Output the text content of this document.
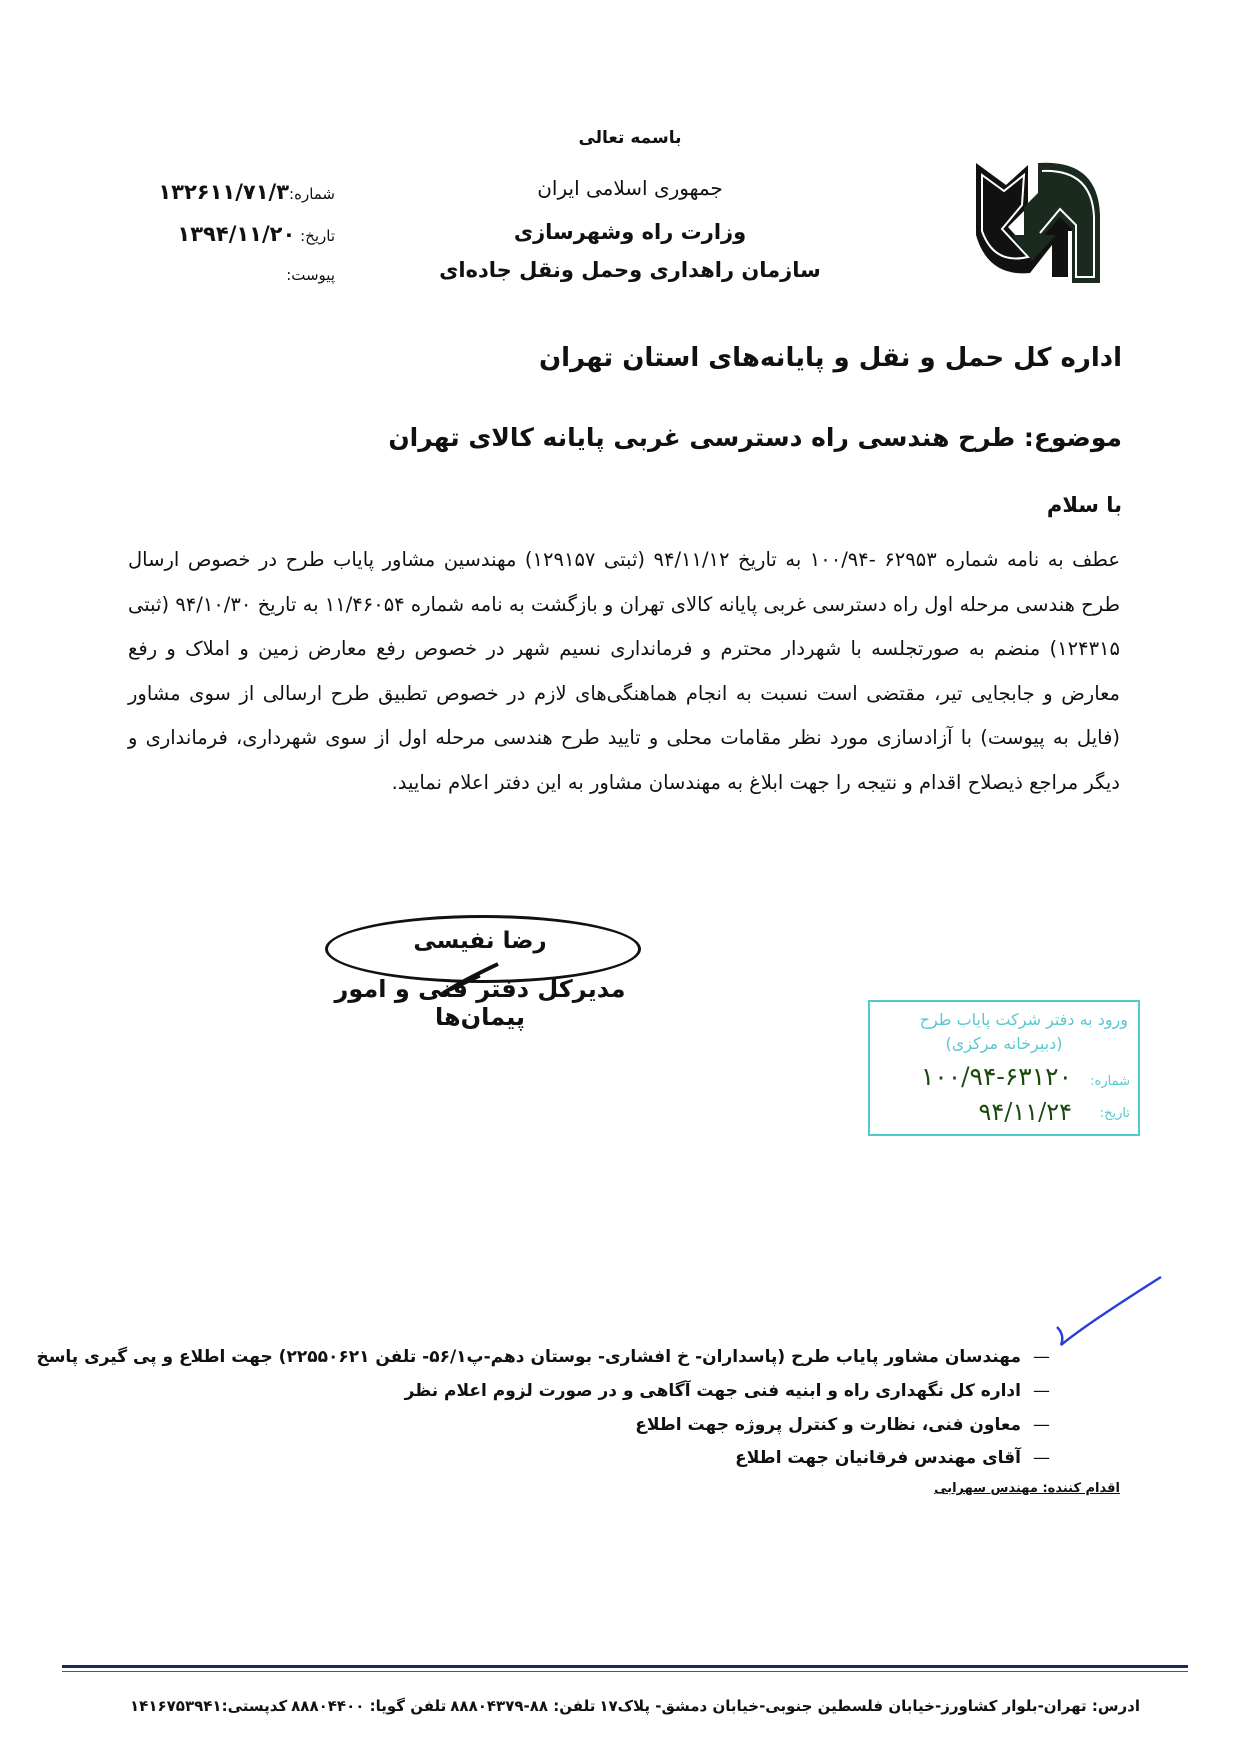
باسمه تعالی
جمهوری اسلامی ایران
وزارت راه وشهرسازی
سازمان راهداری وحمل ونقل جاده‌ای
شماره:۱۳۲۶۱۱/۷۱/۳
تاریخ: ۱۳۹۴/۱۱/۲۰
پیوست:
اداره کل حمل و نقل و پایانه‌های استان تهران
موضوع: طرح هندسی راه دسترسی غربی پایانه کالای تهران
با سلام
عطف به نامه شماره ۶۲۹۵۳ -۱۰۰/۹۴ به تاریخ ۹۴/۱۱/۱۲ (ثبتی ۱۲۹۱۵۷) مهندسین مشاور پایاب طرح در خصوص ارسال طرح هندسی مرحله اول راه دسترسی غربی پایانه کالای تهران و بازگشت به نامه شماره ۱۱/۴۶۰۵۴ به تاریخ ۹۴/۱۰/۳۰ (ثبتی ۱۲۴۳۱۵) منضم به صورتجلسه با شهردار محترم و فرمانداری نسیم شهر در خصوص رفع معارض زمین و املاک و رفع معارض و جابجایی تیر، مقتضی است نسبت به انجام هماهنگی‌های لازم در خصوص تطبیق طرح ارسالی از سوی مشاور (فایل به پیوست) با آزادسازی مورد نظر مقامات محلی و تایید طرح هندسی مرحله اول از سوی شهرداری، فرمانداری و دیگر مراجع ذیصلاح اقدام و نتیجه را جهت ابلاغ به مهندسان مشاور به این دفتر اعلام نمایید.
رضا نفیسی
مدیرکل دفتر فنی و امور پیمان‌ها	ورود به دفتر شرکت پایاب طرح
(دبیرخانه مرکزی)
شماره:
۱۰۰/۹۴-۶۳۱۲۰
تاریخ:
۹۴/۱۱/۲۴
—مهندسان مشاور پایاب طرح (پاسداران- خ افشاری- بوستان دهم-پ۵۶/۱- تلفن ۲۲۵۵۰۶۲۱) جهت اطلاع و پی گیری پاسخ
—اداره کل نگهداری راه و ابنیه فنی جهت آگاهی و در صورت لزوم اعلام نظر
—معاون فنی، نظارت و کنترل پروژه جهت اطلاع
—آقای مهندس فرقانیان جهت اطلاع
اقدام کننده: مهندس سهرابی
ادرس: تهران-بلوار کشاورز-خیابان فلسطین جنوبی-خیابان دمشق- پلاک۱۷
تلفن: ۸۸-۸۸۸۰۴۳۷۹
تلفن گویا: ۸۸۸۰۴۴۰۰
کدپستی:۱۴۱۶۷۵۳۹۴۱
